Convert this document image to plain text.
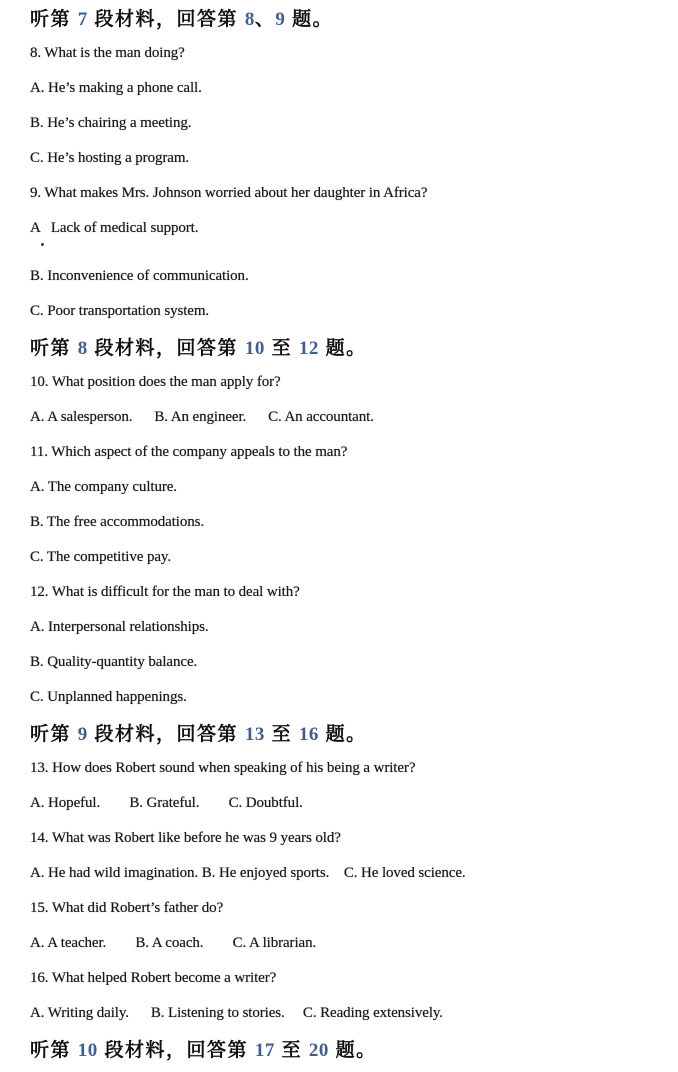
听第 7 段材料，回答第 8、9 题。
8. What is the man doing?
A. He’s making a phone call.
B. He’s chairing a meeting.
C. He’s hosting a program.
9. What makes Mrs. Johnson worried about her daughter in Africa?
A   Lack of medical support.
B. Inconvenience of communication.
C. Poor transportation system.
听第 8 段材料，回答第 10 至 12 题。
10. What position does the man apply for?
A. A salesperson.      B. An engineer.      C. An accountant.
11. Which aspect of the company appeals to the man?
A. The company culture.
B. The free accommodations.
C. The competitive pay.
12. What is difficult for the man to deal with?
A. Interpersonal relationships.
B. Quality-quantity balance.
C. Unplanned happenings.
听第 9 段材料，回答第 13 至 16 题。
13. How does Robert sound when speaking of his being a writer?
A. Hopeful.        B. Grateful.        C. Doubtful.
14. What was Robert like before he was 9 years old?
A. He had wild imagination. B. He enjoyed sports.    C. He loved science.
15. What did Robert’s father do?
A. A teacher.        B. A coach.        C. A librarian.
16. What helped Robert become a writer?
A. Writing daily.      B. Listening to stories.     C. Reading extensively.
听第 10 段材料，回答第 17 至 20 题。
